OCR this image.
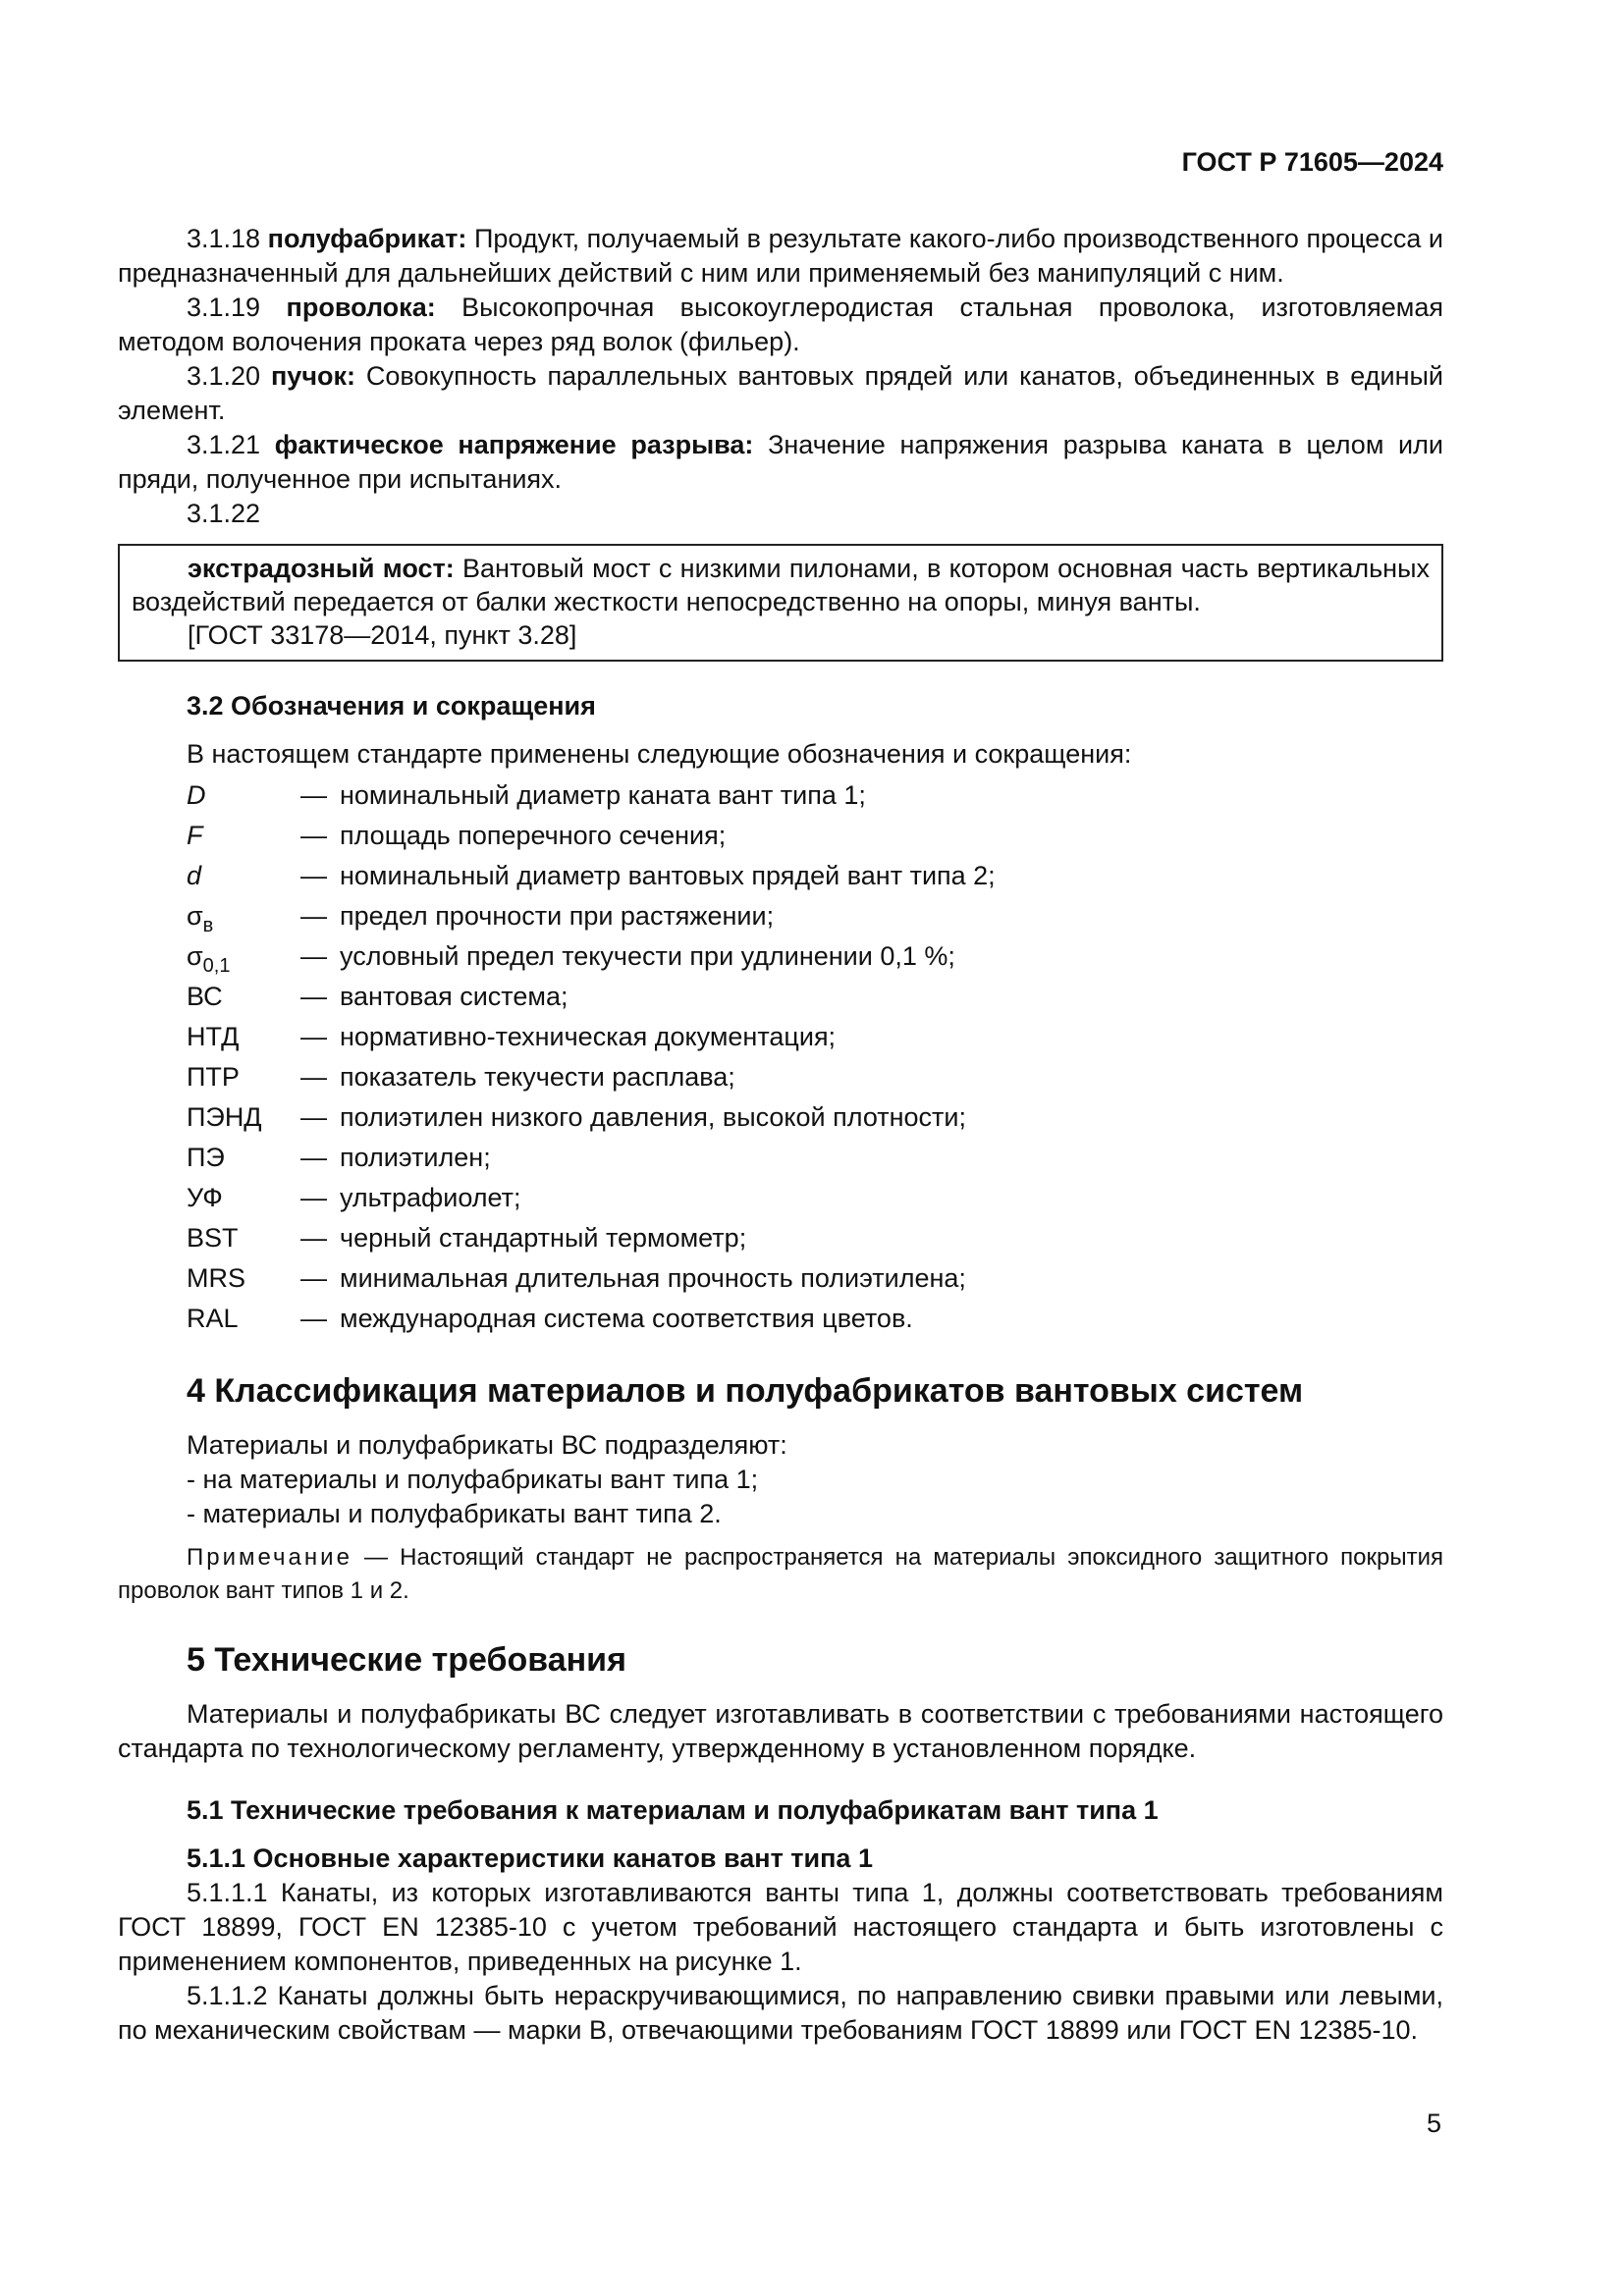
ГОСТ Р 71605—2024

3.1.18 полуфабрикат: Продукт, получаемый в результате какого-либо производственного процесса и предназначенный для дальнейших действий с ним или применяемый без манипуляций с ним.

3.1.19 проволока: Высокопрочная высокоуглеродистая стальная проволока, изготовляемая методом волочения проката через ряд волок (фильер).

3.1.20 пучок: Совокупность параллельных вантовых прядей или канатов, объединенных в единый элемент.

3.1.21 фактическое напряжение разрыва: Значение напряжения разрыва каната в целом или пряди, полученное при испытаниях.

3.1.22

экстрадозный мост: Вантовый мост с низкими пилонами, в котором основная часть вертикальных воздействий передается от балки жесткости непосредственно на опоры, минуя ванты.

[ГОСТ 33178—2014, пункт 3.28]

3.2 Обозначения и сокращения

В настоящем стандарте применены следующие обозначения и сокращения:

D	— номинальный диаметр каната вант типа 1;
F	— площадь поперечного сечения;
d	— номинальный диаметр вантовых прядей вант типа 2;
$\sigma_в$	— предел прочности при растяжении;
$\sigma_{0,1}$	— условный предел текучести при удлинении 0,1 %;
ВС	— вантовая система;
НТД	— нормативно-техническая документация;
ПТР	— показатель текучести расплава;
ПЭНД	— полиэтилен низкого давления, высокой плотности;
ПЭ	— полиэтилен;
УФ	— ультрафиолет;
BST	— черный стандартный термометр;
MRS	— минимальная длительная прочность полиэтилена;
RAL	— международная система соответствия цветов.
4 Классификация материалов и полуфабрикатов вантовых систем

Материалы и полуфабрикаты ВС подразделяют:

- на материалы и полуфабрикаты вант типа 1;

- материалы и полуфабрикаты вант типа 2.

Примечание — Настоящий стандарт не распространяется на материалы эпоксидного защитного покрытия проволок вант типов 1 и 2.

5 Технические требования

Материалы и полуфабрикаты ВС следует изготавливать в соответствии с требованиями настоящего стандарта по технологическому регламенту, утвержденному в установленном порядке.

5.1 Технические требования к материалам и полуфабрикатам вант типа 1
5.1.1 Основные характеристики канатов вант типа 1

5.1.1.1 Канаты, из которых изготавливаются ванты типа 1, должны соответствовать требованиям ГОСТ 18899, ГОСТ EN 12385-10 с учетом требований настоящего стандарта и быть изготовлены с применением компонентов, приведенных на рисунке 1.

5.1.1.2 Канаты должны быть нераскручивающимися, по направлению свивки правыми или левыми, по механическим свойствам — марки В, отвечающими требованиям ГОСТ 18899 или ГОСТ EN 12385-10.

5
